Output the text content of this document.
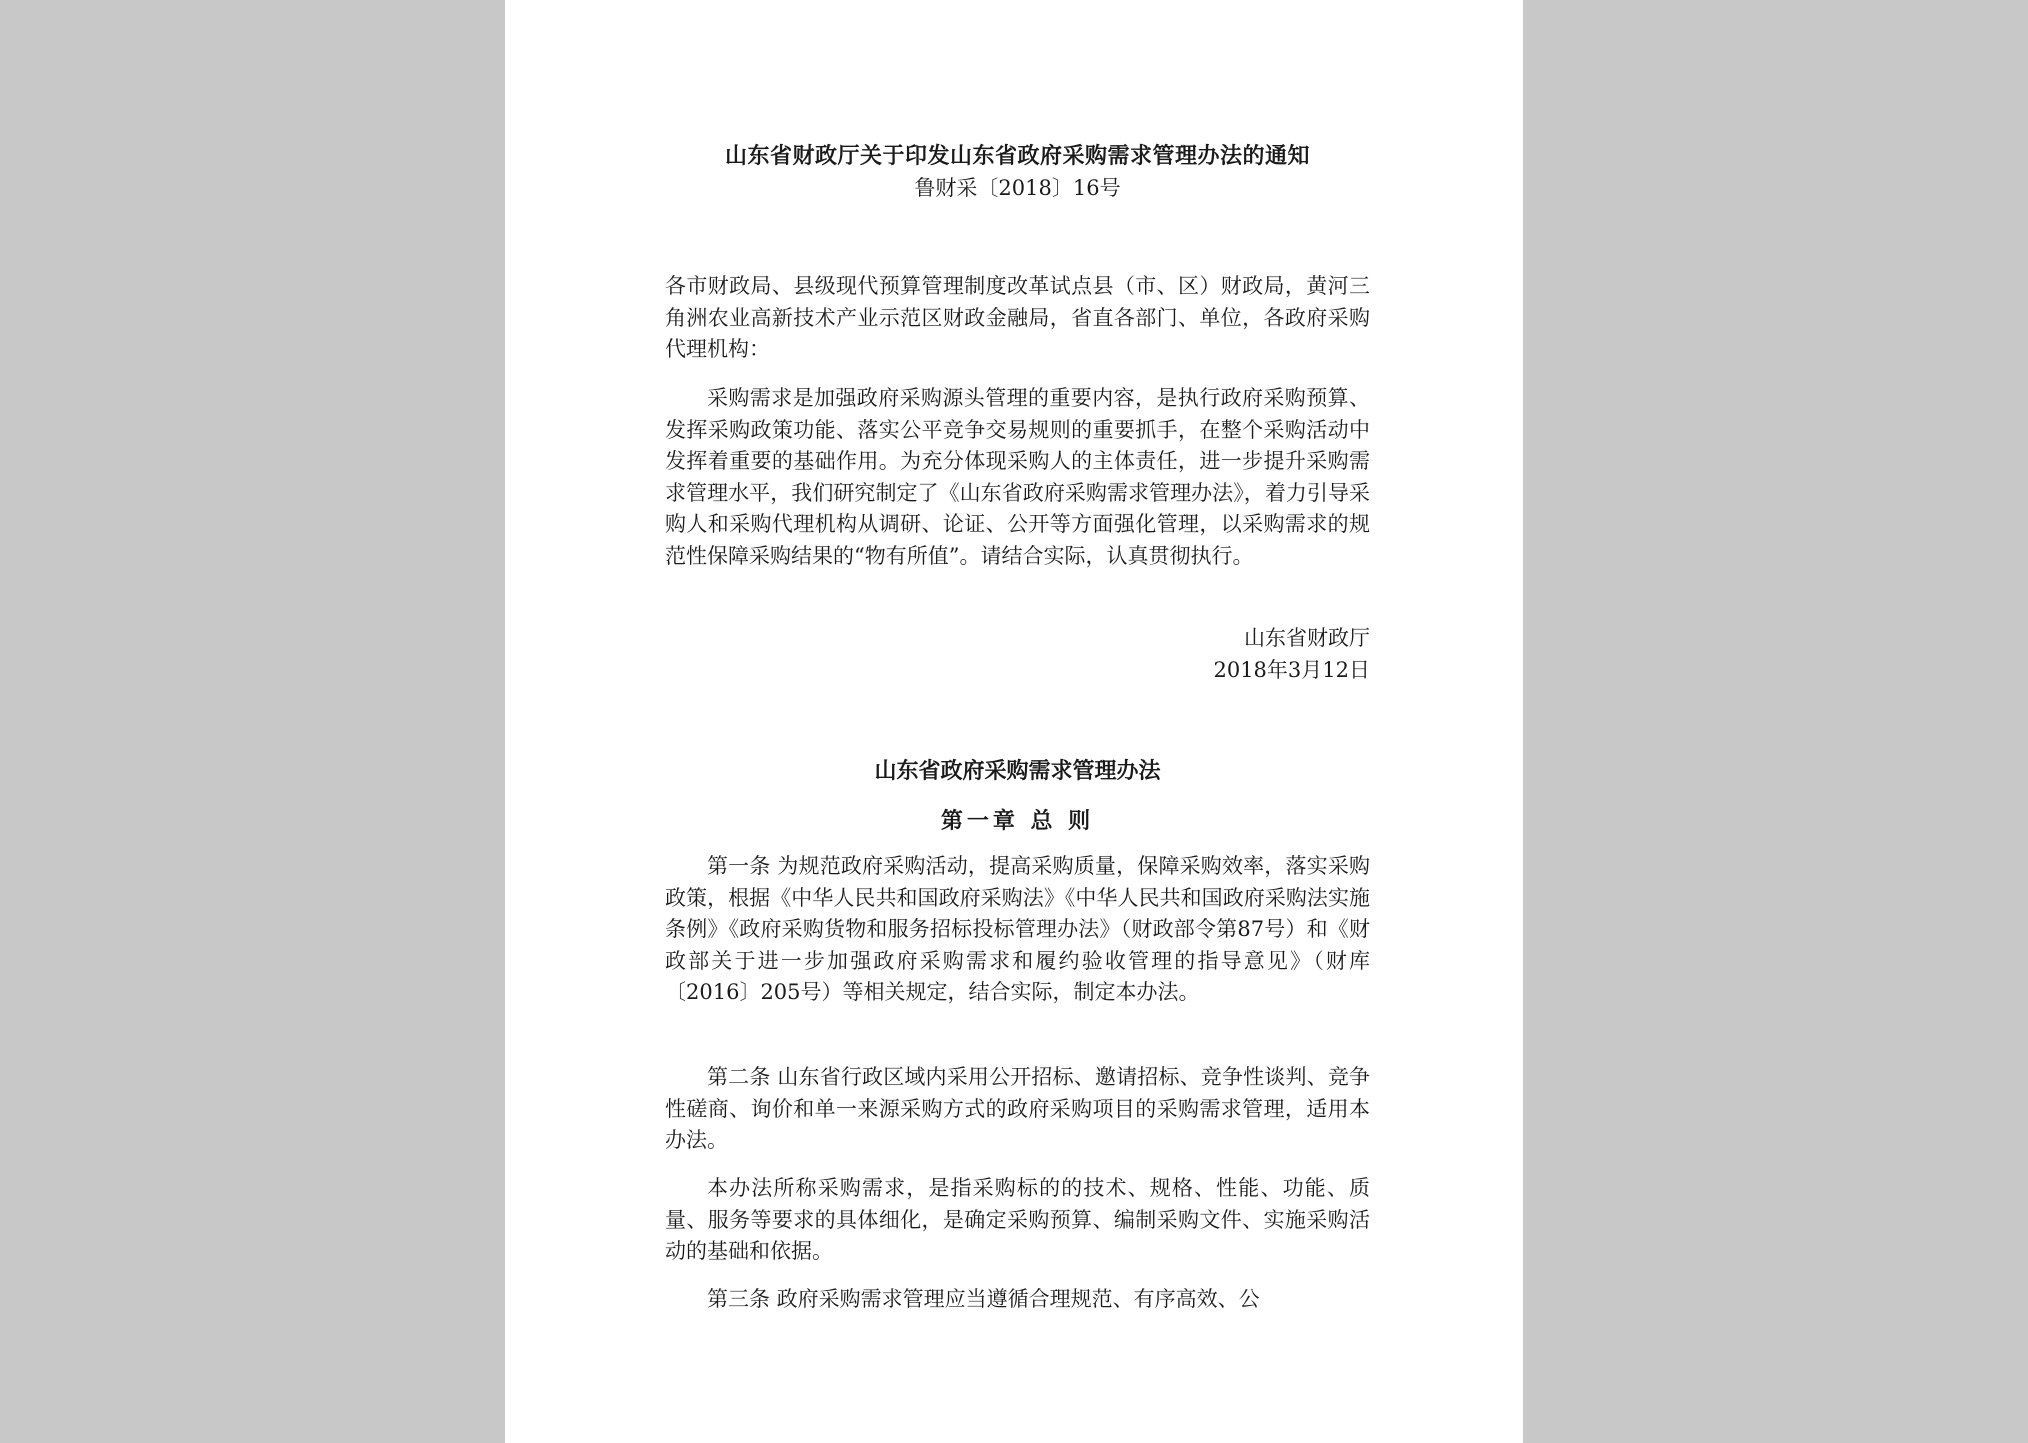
山东省财政厅关于印发山东省政府采购需求管理办法的通知
鲁财采〔2018〕16号

各市财政局、县级现代预算管理制度改革试点县（市、区）财政局，黄河三角洲农业高新技术产业示范区财政金融局，省直各部门、单位，各政府采购代理机构：

采购需求是加强政府采购源头管理的重要内容，是执行政府采购预算、发挥采购政策功能、落实公平竞争交易规则的重要抓手，在整个采购活动中发挥着重要的基础作用。为充分体现采购人的主体责任，进一步提升采购需求管理水平，我们研究制定了《山东省政府采购需求管理办法》，着力引导采购人和采购代理机构从调研、论证、公开等方面强化管理，以采购需求的规范性保障采购结果的“物有所值”。请结合实际，认真贯彻执行。

山东省财政厅
2018年3月12日
山东省政府采购需求管理办法
第一章 总 则

第一条 为规范政府采购活动，提高采购质量，保障采购效率，落实采购政策，根据《中华人民共和国政府采购法》《中华人民共和国政府采购法实施条例》《政府采购货物和服务招标投标管理办法》（财政部令第87号）和《财政部关于进一步加强政府采购需求和履约验收管理的指导意见》（财库〔2016〕205号）等相关规定，结合实际，制定本办法。

第二条 山东省行政区域内采用公开招标、邀请招标、竞争性谈判、竞争性磋商、询价和单一来源采购方式的政府采购项目的采购需求管理，适用本办法。

本办法所称采购需求，是指采购标的的技术、规格、性能、功能、质量、服务等要求的具体细化，是确定采购预算、编制采购文件、实施采购活动的基础和依据。

第三条 政府采购需求管理应当遵循合理规范、有序高效、公
